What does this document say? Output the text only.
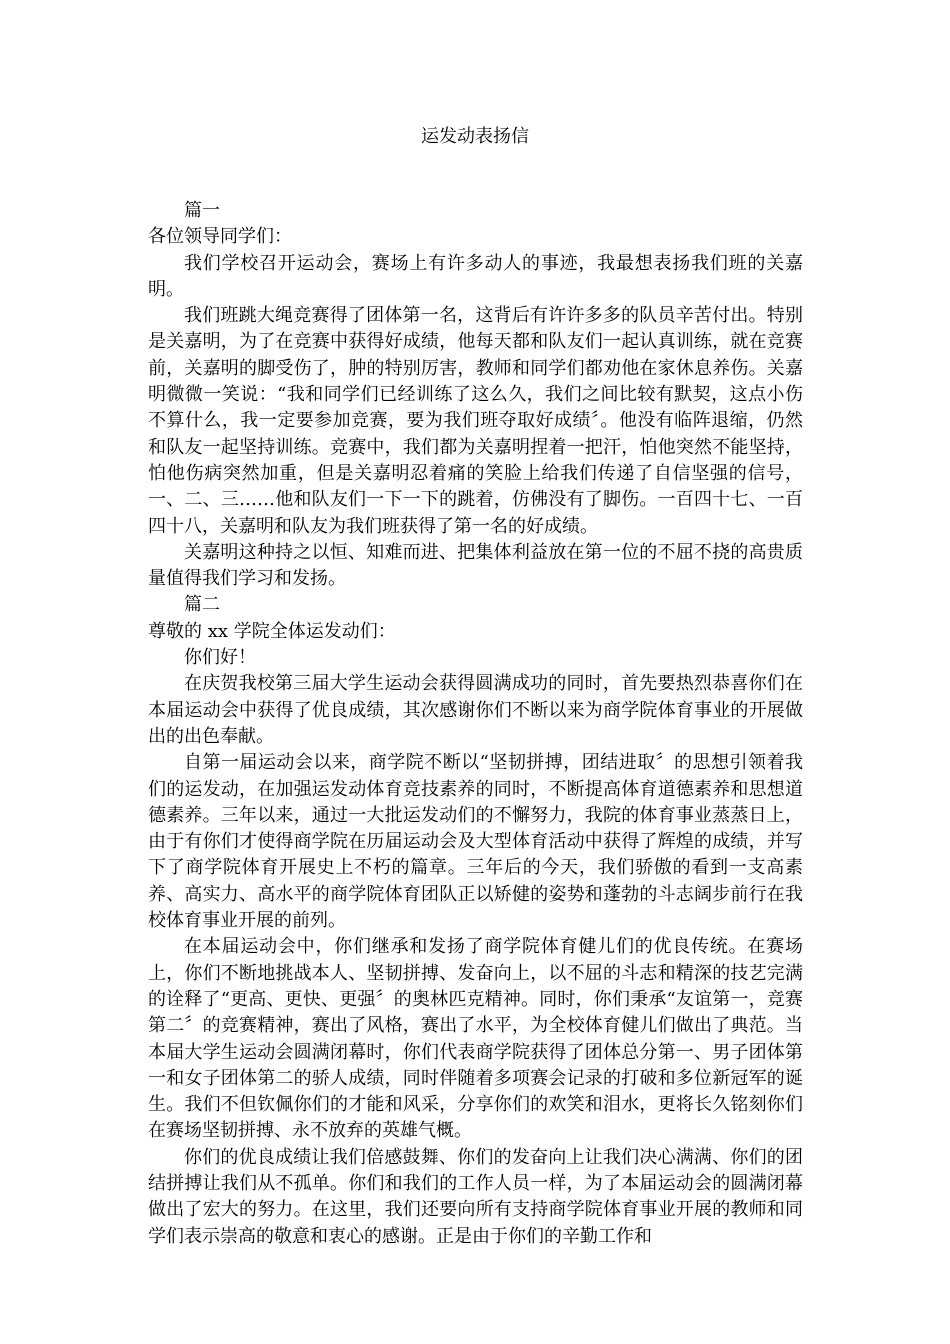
运发动表扬信

篇一

各位领导同学们：

我们学校召开运动会，赛场上有许多动人的事迹，我最想表扬我们班的关嘉明。

我们班跳大绳竞赛得了团体第一名，这背后有许许多多的队员辛苦付出。特别是关嘉明，为了在竞赛中获得好成绩，他每天都和队友们一起认真训练，就在竞赛前，关嘉明的脚受伤了，肿的特别厉害，教师和同学们都劝他在家休息养伤。关嘉明微微一笑说：“我和同学们已经训练了这么久，我们之间比较有默契，这点小伤不算什么，我一定要参加竞赛，要为我们班夺取好成绩〞。他没有临阵退缩，仍然和队友一起坚持训练。竞赛中，我们都为关嘉明捏着一把汗，怕他突然不能坚持，怕他伤病突然加重，但是关嘉明忍着痛的笑脸上给我们传递了自信坚强的信号，一、二、三……他和队友们一下一下的跳着，仿佛没有了脚伤。一百四十七、一百四十八，关嘉明和队友为我们班获得了第一名的好成绩。

关嘉明这种持之以恒、知难而进、把集体利益放在第一位的不屈不挠的高贵质量值得我们学习和发扬。

篇二

尊敬的 xx 学院全体运发动们：

你们好！

在庆贺我校第三届大学生运动会获得圆满成功的同时，首先要热烈恭喜你们在本届运动会中获得了优良成绩，其次感谢你们不断以来为商学院体育事业的开展做出的出色奉献。

自第一届运动会以来，商学院不断以“坚韧拼搏，团结进取〞的思想引领着我们的运发动，在加强运发动体育竞技素养的同时，不断提高体育道德素养和思想道德素养。三年以来，通过一大批运发动们的不懈努力，我院的体育事业蒸蒸日上，由于有你们才使得商学院在历届运动会及大型体育活动中获得了辉煌的成绩，并写下了商学院体育开展史上不朽的篇章。三年后的今天，我们骄傲的看到一支高素养、高实力、高水平的商学院体育团队正以矫健的姿势和蓬勃的斗志阔步前行在我校体育事业开展的前列。

在本届运动会中，你们继承和发扬了商学院体育健儿们的优良传统。在赛场上，你们不断地挑战本人、坚韧拼搏、发奋向上，以不屈的斗志和精深的技艺完满的诠释了“更高、更快、更强〞的奥林匹克精神。同时，你们秉承“友谊第一，竞赛第二〞的竞赛精神，赛出了风格，赛出了水平，为全校体育健儿们做出了典范。当本届大学生运动会圆满闭幕时，你们代表商学院获得了团体总分第一、男子团体第一和女子团体第二的骄人成绩，同时伴随着多项赛会记录的打破和多位新冠军的诞生。我们不但钦佩你们的才能和风采，分享你们的欢笑和泪水，更将长久铭刻你们在赛场坚韧拼搏、永不放弃的英雄气概。

你们的优良成绩让我们倍感鼓舞、你们的发奋向上让我们决心满满、你们的团结拼搏让我们从不孤单。你们和我们的工作人员一样，为了本届运动会的圆满闭幕做出了宏大的努力。在这里，我们还要向所有支持商学院体育事业开展的教师和同学们表示崇高的敬意和衷心的感谢。正是由于你们的辛勤工作和
